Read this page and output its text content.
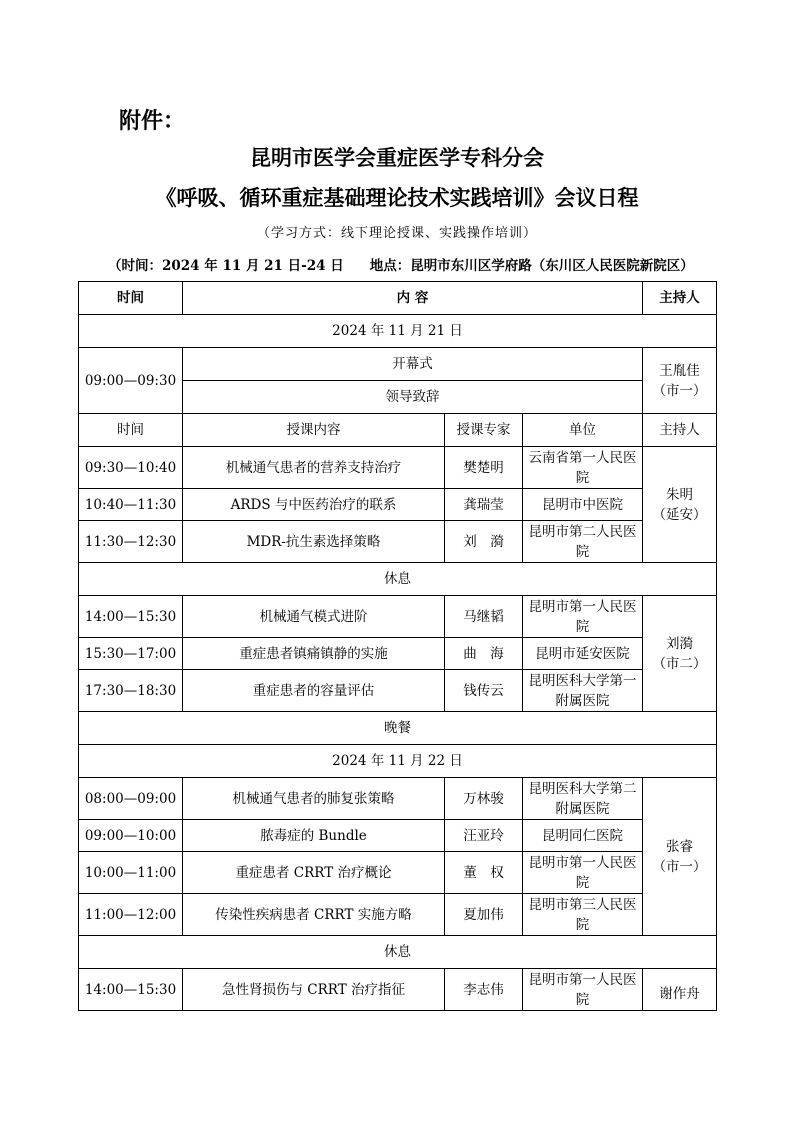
附件：
昆明市医学会重症医学专科分会
《呼吸、循环重症基础理论技术实践培训》会议日程
（学习方式：线下理论授课、实践操作培训）
（时间：2024 年 11 月 21 日-24 日 地点：昆明市东川区学府路（东川区人民医院新院区）
时间	内 容			主持人
2024 年 11 月 21 日				
09:00—09:30	开幕式			王胤佳
（市一）

	领导致辞			
时间	授课内容	授课专家	单位	主持人
09:30—10:40	机械通气患者的营养支持治疗	樊楚明	云南省第一人民医院	朱明
（延安）

10:40—11:30	ARDS 与中医药治疗的联系	龚瑞莹	昆明市中医院	
11:30—12:30	MDR-抗生素选择策略	刘　漪	昆明市第二人民医院	
休息				
14:00—15:30	机械通气模式进阶	马继韬	昆明市第一人民医院	刘漪
（市二）

15:30—17:00	重症患者镇痛镇静的实施	曲　海	昆明市延安医院	
17:30—18:30	重症患者的容量评估	钱传云	昆明医科大学第一附属医院	
晚餐				
2024 年 11 月 22 日				
08:00—09:00	机械通气患者的肺复张策略	万林骏	昆明医科大学第二附属医院	张睿
（市一）

09:00—10:00	脓毒症的 Bundle	汪亚玲	昆明同仁医院	
10:00—11:00	重症患者 CRRT 治疗概论	董　权	昆明市第一人民医院	
11:00—12:00	传染性疾病患者 CRRT 实施方略	夏加伟	昆明市第三人民医院	
休息				
14:00—15:30	急性肾损伤与 CRRT 治疗指征	李志伟	昆明市第一人民医院	谢作舟
